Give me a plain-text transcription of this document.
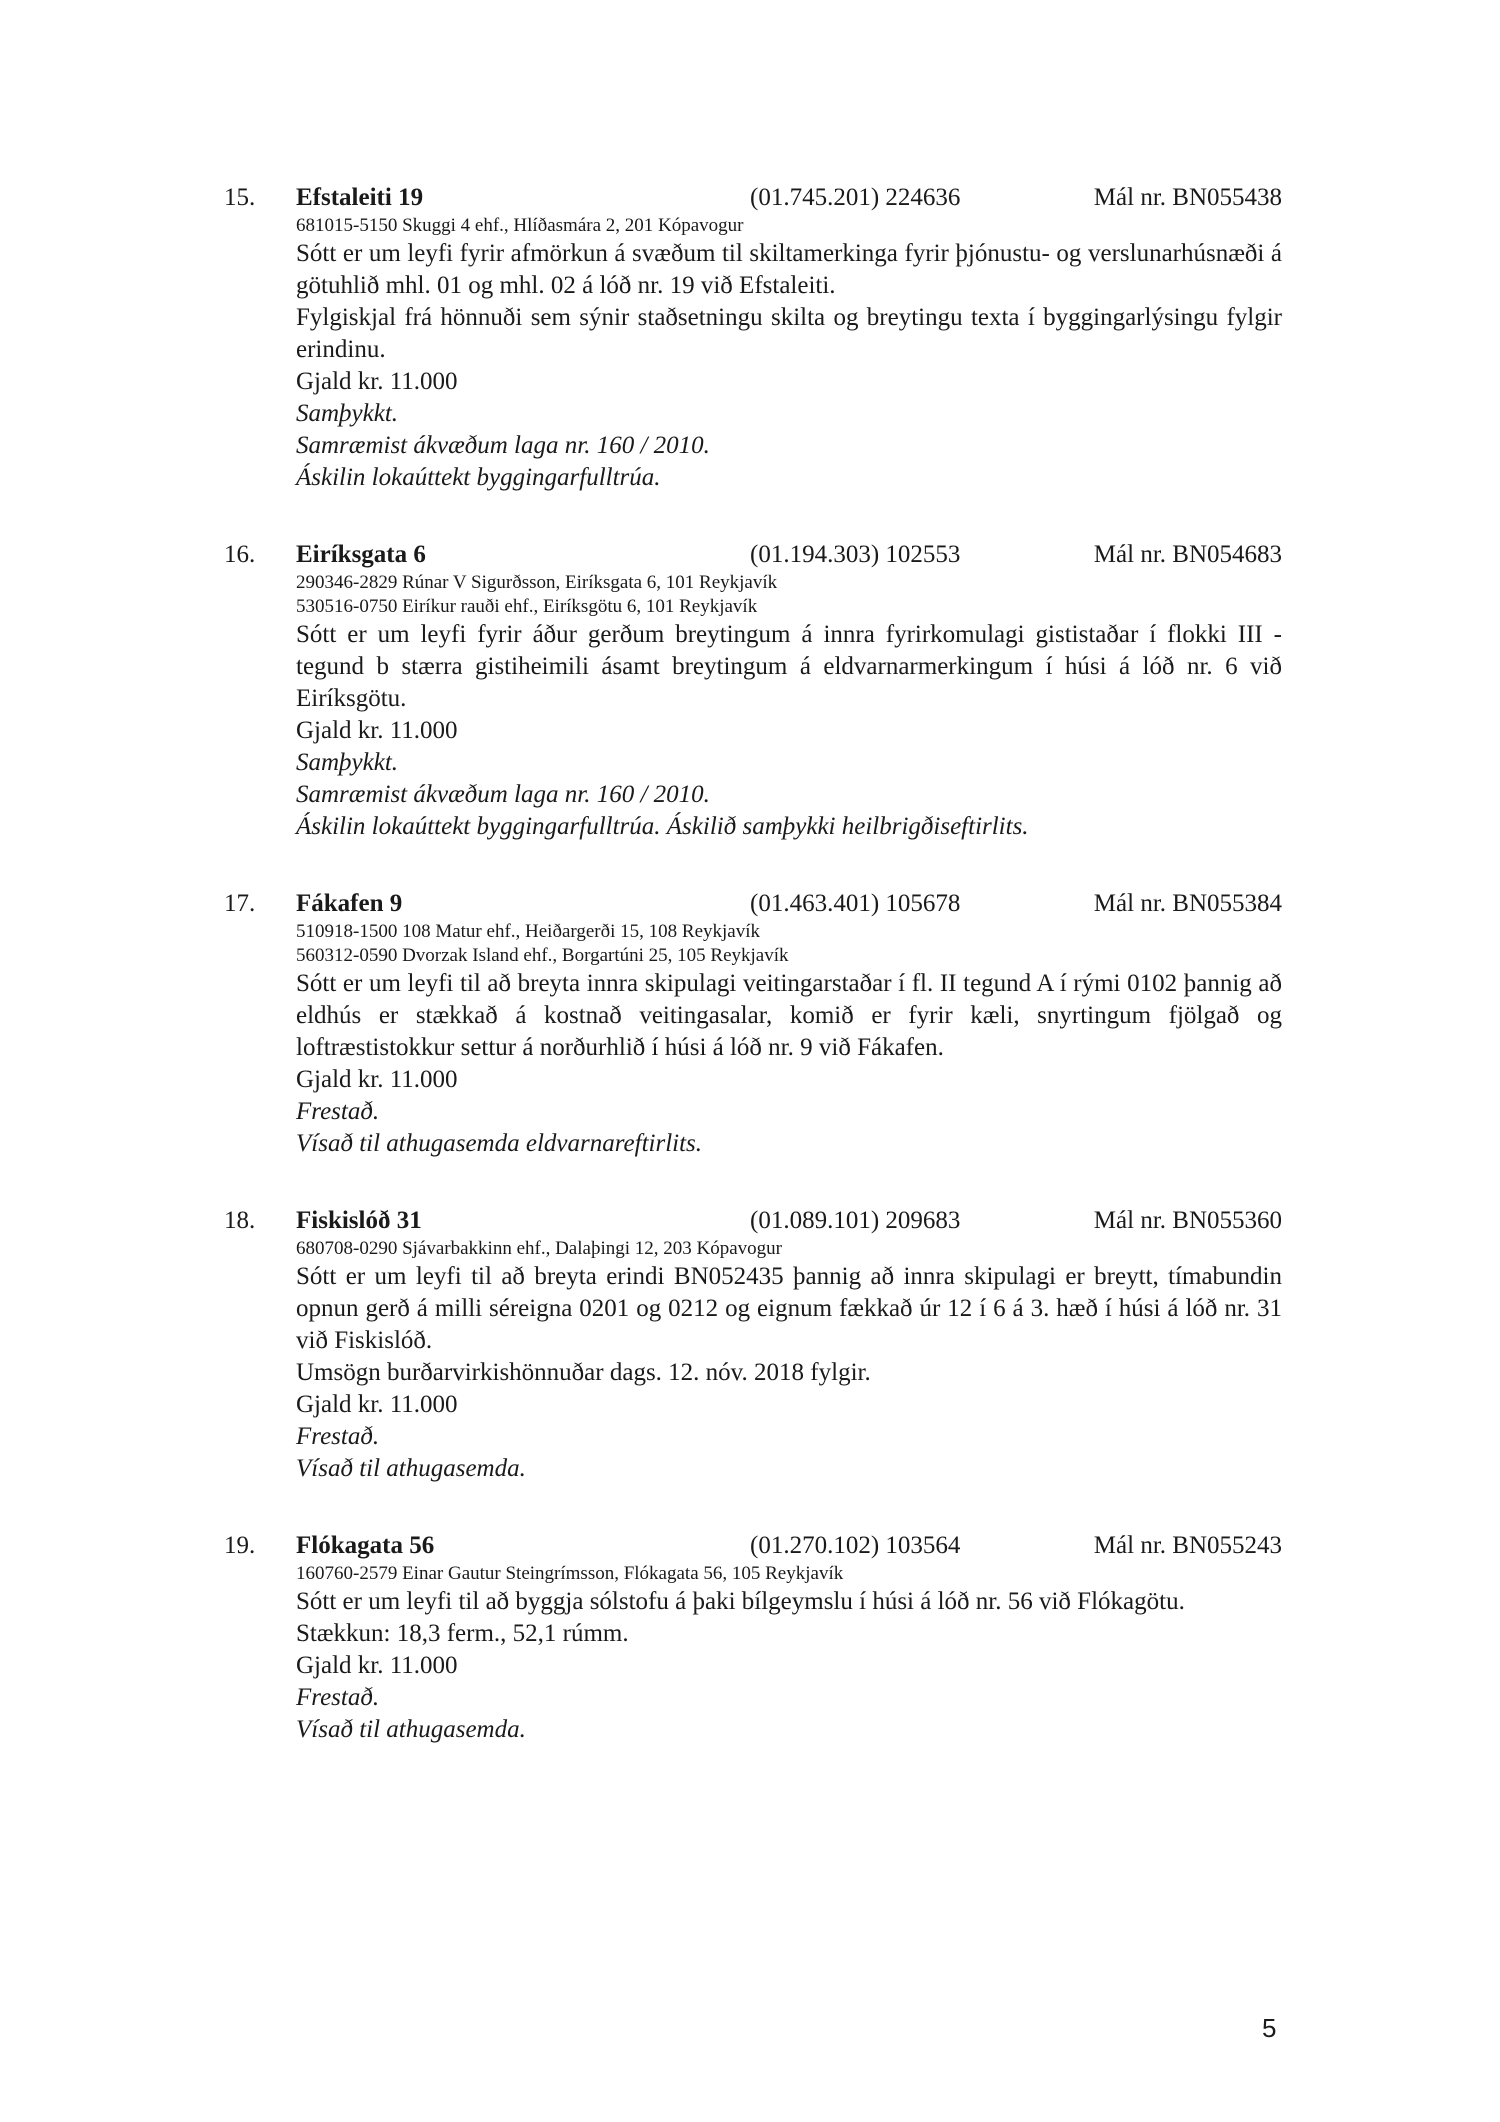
15. Efstaleiti 19	(01.745.201) 224636	Mál nr. BN055438
681015-5150 Skuggi 4 ehf., Hlíðasmára 2, 201 Kópavogur

Sótt er um leyfi fyrir afmörkun á svæðum til skiltamerkinga fyrir þjónustu- og verslunarhúsnæði á götuhlið mhl. 01 og mhl. 02 á lóð nr. 19 við Efstaleiti.

Fylgiskjal frá hönnuði sem sýnir staðsetningu skilta og breytingu texta í byggingarlýsingu fylgir erindinu.

Gjald kr. 11.000
Samþykkt.
Samræmist ákvæðum laga nr. 160 / 2010.
Áskilin lokaúttekt byggingarfulltrúa.
16. Eiríksgata 6	(01.194.303) 102553	Mál nr. BN054683
290346-2829 Rúnar V Sigurðsson, Eiríksgata 6, 101 Reykjavík
530516-0750 Eiríkur rauði ehf., Eiríksgötu 6, 101 Reykjavík

Sótt er um leyfi fyrir áður gerðum breytingum á innra fyrirkomulagi gististaðar í flokki III - tegund b stærra gistiheimili ásamt breytingum á eldvarnarmerkingum í húsi á lóð nr. 6 við Eiríksgötu.

Gjald kr. 11.000
Samþykkt.
Samræmist ákvæðum laga nr. 160 / 2010.
Áskilin lokaúttekt byggingarfulltrúa. Áskilið samþykki heilbrigðiseftirlits.
17. Fákafen 9	(01.463.401) 105678	Mál nr. BN055384
510918-1500 108 Matur ehf., Heiðargerði 15, 108 Reykjavík
560312-0590 Dvorzak Island ehf., Borgartúni 25, 105 Reykjavík

Sótt er um leyfi til að breyta innra skipulagi veitingarstaðar í fl. II tegund A í rými 0102 þannig að eldhús er stækkað á kostnað veitingasalar, komið er fyrir kæli, snyrtingum fjölgað og loftræstistokkur settur á norðurhlið í húsi á lóð nr. 9 við Fákafen.

Gjald kr. 11.000
Frestað.
Vísað til athugasemda eldvarnareftirlits.
18. Fiskislóð 31	(01.089.101) 209683	Mál nr. BN055360
680708-0290 Sjávarbakkinn ehf., Dalaþingi 12, 203 Kópavogur

Sótt er um leyfi til að breyta erindi BN052435 þannig að innra skipulagi er breytt, tímabundin opnun gerð á milli séreigna 0201 og 0212 og eignum fækkað úr 12 í 6 á 3. hæð í húsi á lóð nr. 31 við Fiskislóð.

Umsögn burðarvirkishönnuðar dags. 12. nóv. 2018 fylgir.

Gjald kr. 11.000
Frestað.
Vísað til athugasemda.
19. Flókagata 56	(01.270.102) 103564	Mál nr. BN055243
160760-2579 Einar Gautur Steingrímsson, Flókagata 56, 105 Reykjavík

Sótt er um leyfi til að byggja sólstofu á þaki bílgeymslu í húsi á lóð nr. 56 við Flókagötu.

Stækkun: 18,3 ferm., 52,1 rúmm.

Gjald kr. 11.000
Frestað.
Vísað til athugasemda.
5
